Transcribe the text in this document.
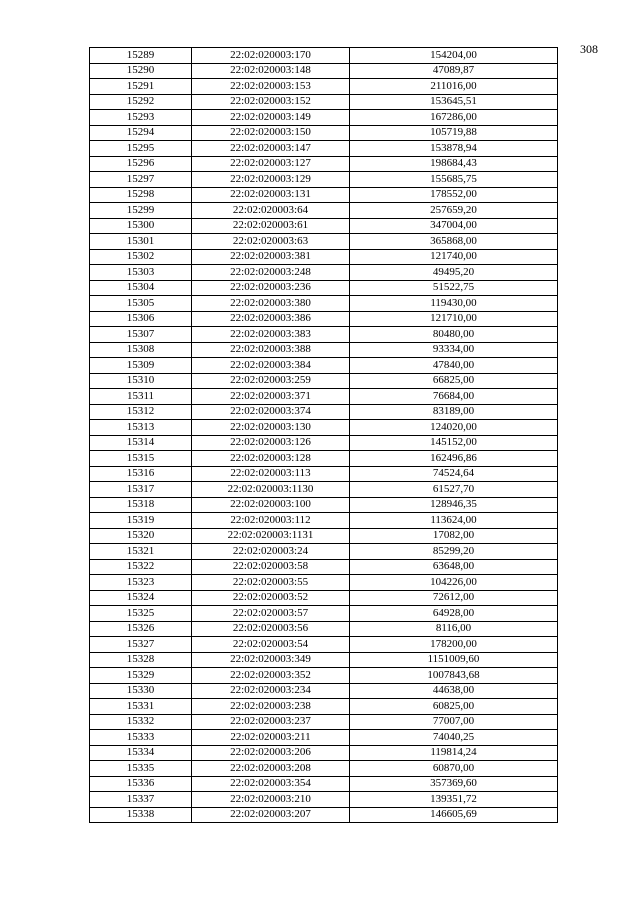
308
15289	22:02:020003:170	154204,00
15290	22:02:020003:148	47089,87
15291	22:02:020003:153	211016,00
15292	22:02:020003:152	153645,51
15293	22:02:020003:149	167286,00
15294	22:02:020003:150	105719,88
15295	22:02:020003:147	153878,94
15296	22:02:020003:127	198684,43
15297	22:02:020003:129	155685,75
15298	22:02:020003:131	178552,00
15299	22:02:020003:64	257659,20
15300	22:02:020003:61	347004,00
15301	22:02:020003:63	365868,00
15302	22:02:020003:381	121740,00
15303	22:02:020003:248	49495,20
15304	22:02:020003:236	51522,75
15305	22:02:020003:380	119430,00
15306	22:02:020003:386	121710,00
15307	22:02:020003:383	80480,00
15308	22:02:020003:388	93334,00
15309	22:02:020003:384	47840,00
15310	22:02:020003:259	66825,00
15311	22:02:020003:371	76684,00
15312	22:02:020003:374	83189,00
15313	22:02:020003:130	124020,00
15314	22:02:020003:126	145152,00
15315	22:02:020003:128	162496,86
15316	22:02:020003:113	74524,64
15317	22:02:020003:1130	61527,70
15318	22:02:020003:100	128946,35
15319	22:02:020003:112	113624,00
15320	22:02:020003:1131	17082,00
15321	22:02:020003:24	85299,20
15322	22:02:020003:58	63648,00
15323	22:02:020003:55	104226,00
15324	22:02:020003:52	72612,00
15325	22:02:020003:57	64928,00
15326	22:02:020003:56	8116,00
15327	22:02:020003:54	178200,00
15328	22:02:020003:349	1151009,60
15329	22:02:020003:352	1007843,68
15330	22:02:020003:234	44638,00
15331	22:02:020003:238	60825,00
15332	22:02:020003:237	77007,00
15333	22:02:020003:211	74040,25
15334	22:02:020003:206	119814,24
15335	22:02:020003:208	60870,00
15336	22:02:020003:354	357369,60
15337	22:02:020003:210	139351,72
15338	22:02:020003:207	146605,69
